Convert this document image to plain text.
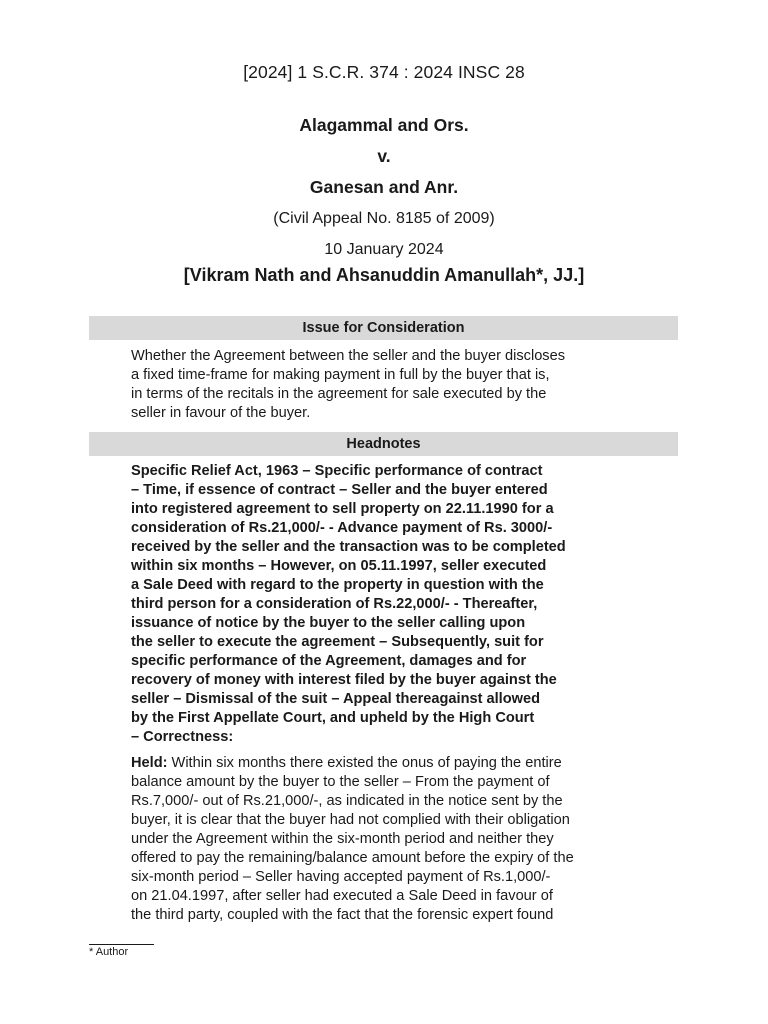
[2024] 1 S.C.R. 374 : 2024 INSC 28
Alagammal and Ors.
v.
Ganesan and Anr.
(Civil Appeal No. 8185 of 2009)
10 January 2024
[Vikram Nath and Ahsanuddin Amanullah*, JJ.]
Issue for Consideration
Whether the Agreement between the seller and the buyer discloses
a fixed time-frame for making payment in full by the buyer that is,
in terms of the recitals in the agreement for sale executed by the
seller in favour of the buyer.
Headnotes
Specific Relief Act, 1963 – Specific performance of contract
– Time, if essence of contract – Seller and the buyer entered
into registered agreement to sell property on 22.11.1990 for a
consideration of Rs.21,000/- - Advance payment of Rs. 3000/-
received by the seller and the transaction was to be completed
within six months – However, on 05.11.1997, seller executed
a Sale Deed with regard to the property in question with the
third person for a consideration of Rs.22,000/- - Thereafter,
issuance of notice by the buyer to the seller calling upon
the seller to execute the agreement – Subsequently, suit for
specific performance of the Agreement, damages and for
recovery of money with interest filed by the buyer against the
seller – Dismissal of the suit – Appeal thereagainst allowed
by the First Appellate Court, and upheld by the High Court
– Correctness:
Held: Within six months there existed the onus of paying the entire
balance amount by the buyer to the seller – From the payment of
Rs.7,000/- out of Rs.21,000/-, as indicated in the notice sent by the
buyer, it is clear that the buyer had not complied with their obligation
under the Agreement within the six-month period and neither they
offered to pay the remaining/balance amount before the expiry of the
six-month period – Seller having accepted payment of Rs.1,000/-
on 21.04.1997, after seller had executed a Sale Deed in favour of
the third party, coupled with the fact that the forensic expert found
* Author
